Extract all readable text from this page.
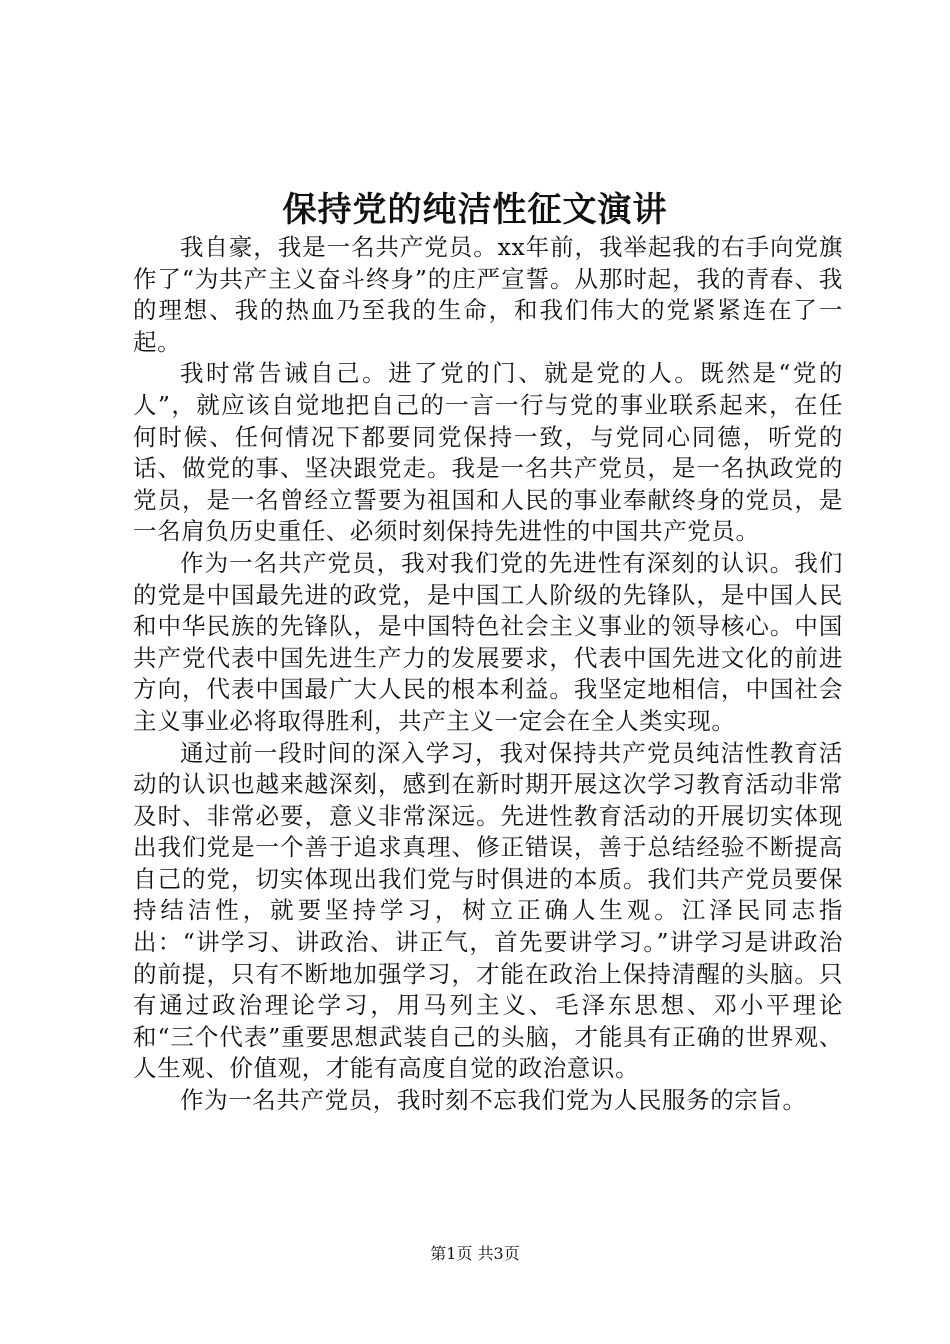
保持党的纯洁性征文演讲

我自豪，我是一名共产党员。xx年前，我举起我的右手向党旗作了“为共产主义奋斗终身”的庄严宣誓。从那时起，我的青春、我的理想、我的热血乃至我的生命，和我们伟大的党紧紧连在了一起。

我时常告诫自己。进了党的门、就是党的人。既然是“党的人”，就应该自觉地把自己的一言一行与党的事业联系起来，在任何时候、任何情况下都要同党保持一致，与党同心同德，听党的话、做党的事、坚决跟党走。我是一名共产党员，是一名执政党的党员，是一名曾经立誓要为祖国和人民的事业奉献终身的党员，是一名肩负历史重任、必须时刻保持先进性的中国共产党员。

作为一名共产党员，我对我们党的先进性有深刻的认识。我们的党是中国最先进的政党，是中国工人阶级的先锋队，是中国人民和中华民族的先锋队，是中国特色社会主义事业的领导核心。中国共产党代表中国先进生产力的发展要求，代表中国先进文化的前进方向，代表中国最广大人民的根本利益。我坚定地相信，中国社会主义事业必将取得胜利，共产主义一定会在全人类实现。

通过前一段时间的深入学习，我对保持共产党员纯洁性教育活动的认识也越来越深刻，感到在新时期开展这次学习教育活动非常及时、非常必要，意义非常深远。先进性教育活动的开展切实体现出我们党是一个善于追求真理、修正错误，善于总结经验不断提高自己的党，切实体现出我们党与时俱进的本质。我们共产党员要保持结洁性，就要坚持学习，树立正确人生观。江泽民同志指出：“讲学习、讲政治、讲正气，首先要讲学习。”讲学习是讲政治的前提，只有不断地加强学习，才能在政治上保持清醒的头脑。只有通过政治理论学习，用马列主义、毛泽东思想、邓小平理论和“三个代表”重要思想武装自己的头脑，才能具有正确的世界观、人生观、价值观，才能有高度自觉的政治意识。

作为一名共产党员，我时刻不忘我们党为人民服务的宗旨。

第1页 共3页
